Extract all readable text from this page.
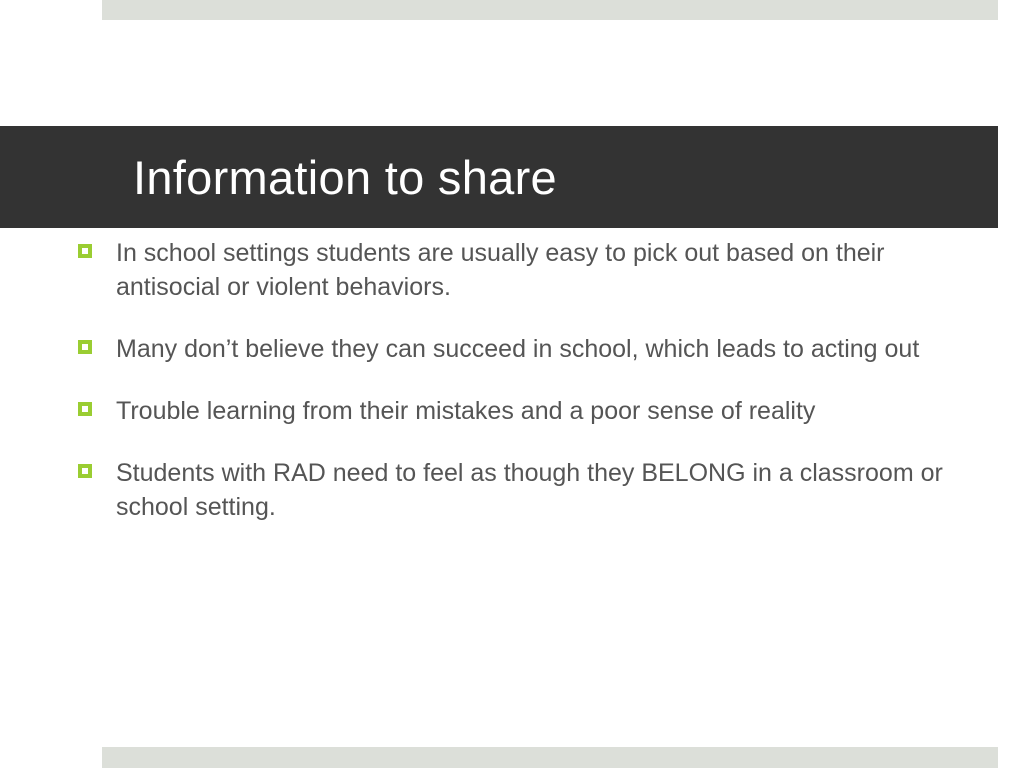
Information to share
In school settings students are usually easy to pick out based on their antisocial or violent behaviors.
Many don’t believe they can succeed in school, which leads to acting out
Trouble learning from their mistakes and a poor sense of reality
Students with RAD need to feel as though they BELONG in a classroom or school setting.
